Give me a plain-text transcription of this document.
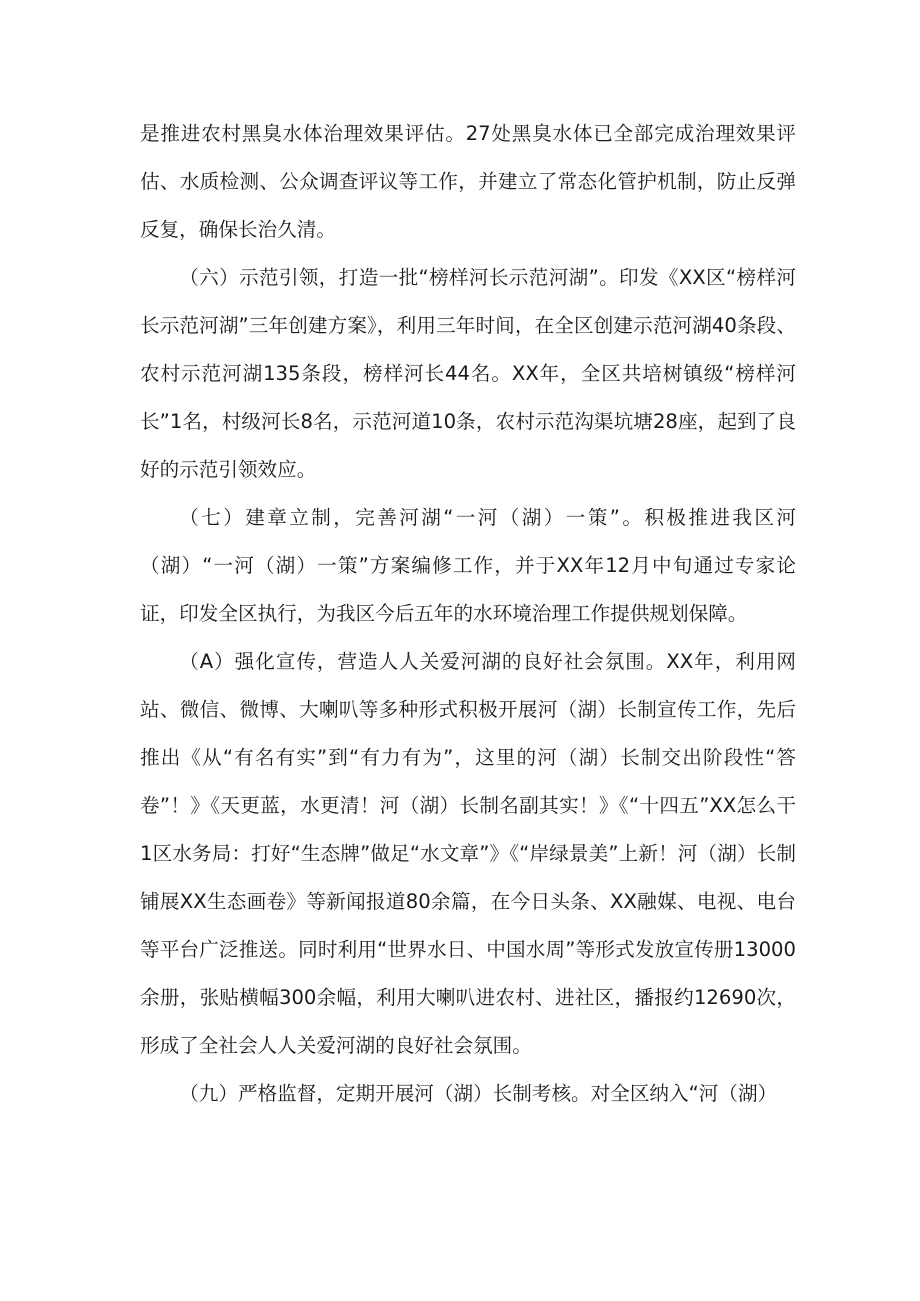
是推进农村黑臭水体治理效果评估。27处黑臭水体已全部完成治理效果评估、水质检测、公众调查评议等工作，并建立了常态化管护机制，防止反弹反复，确保长治久清。

（六）示范引领，打造一批“榜样河长示范河湖”。印发《XX区“榜样河长示范河湖”三年创建方案》，利用三年时间，在全区创建示范河湖40条段、农村示范河湖135条段，榜样河长44名。XX年，全区共培树镇级“榜样河长”1名，村级河长8名，示范河道10条，农村示范沟渠坑塘28座，起到了良好的示范引领效应。

（七）建章立制，完善河湖“一河（湖）一策”。积极推进我区河（湖）“一河（湖）一策”方案编修工作，并于XX年12月中旬通过专家论证，印发全区执行，为我区今后五年的水环境治理工作提供规划保障。

（A）强化宣传，营造人人关爱河湖的良好社会氛围。XX年，利用网站、微信、微博、大喇叭等多种形式积极开展河（湖）长制宣传工作，先后推出《从“有名有实”到“有力有为”，这里的河（湖）长制交出阶段性“答卷”！》《天更蓝，水更清！河（湖）长制名副其实！》《“十四五”XX怎么干1区水务局：打好“生态牌”做足“水文章”》《“岸绿景美”上新！河（湖）长制铺展XX生态画卷》等新闻报道80余篇，在今日头条、XX融媒、电视、电台等平台广泛推送。同时利用“世界水日、中国水周”等形式发放宣传册13000余册，张贴横幅300余幅，利用大喇叭进农村、进社区，播报约12690次，形成了全社会人人关爱河湖的良好社会氛围。

（九）严格监督，定期开展河（湖）长制考核。对全区纳入“河（湖）
